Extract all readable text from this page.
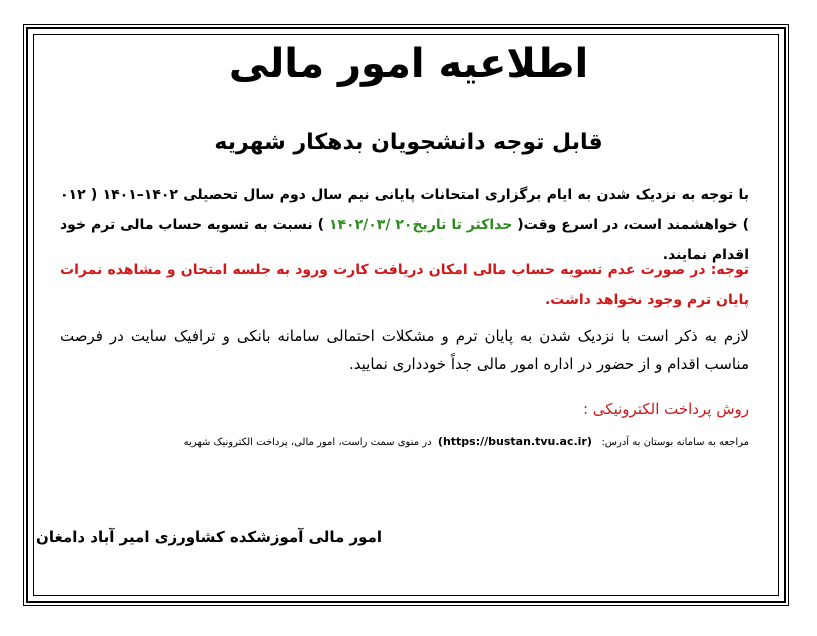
اطلاعیه امور مالی
قابل توجه دانشجویان بدهکار شهریه
با توجه به نزدیک شدن به ایام برگزاری امتحانات پایانی نیم سال دوم سال تحصیلی ۱۴۰۲–۱۴۰۱ ( ۰۱۲ ) خواهشمند است، در اسرع وقت( حداکثر تا تاریخ۲۰ /۱۴۰۲/۰۳ ) نسبت به تسویه حساب مالی ترم خود اقدام نمایند.
توجه: در صورت عدم تسویه حساب مالی امکان دریافت کارت ورود به جلسه امتحان و مشاهده نمرات پایان ترم وجود نخواهد داشت.
لازم به ذکر است با نزدیک شدن به پایان ترم و مشکلات احتمالی سامانه بانکی و ترافیک سایت در فرصت مناسب اقدام و از حضور در اداره امور مالی جداً خودداری نمایید.
روش پرداخت الکترونیکی :
مراجعه به سامانه بوستان به آدرس:   (https://bustan.tvu.ac.ir)  در منوی سمت راست، امور مالی، پرداخت الکترونیک شهریه
امور مالی آموزشکده کشاورزی امیر آباد دامغان
